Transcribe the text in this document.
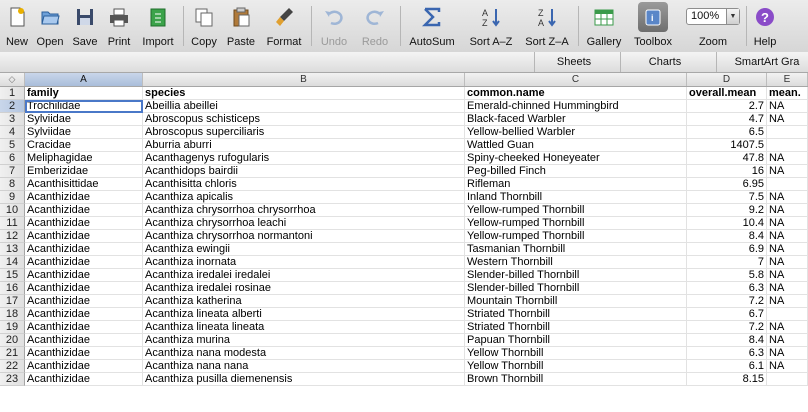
New Open Save Print	Import	Copy Paste	Format	Undo	Redo	AutoSum
A
Z
Sort A–Z
Z
A
Sort Z–A	Gallery
i
Toolbox
100%	▼
Zoom
?
Help
Sheets	Charts	SmartArt Gra
◇	A	B	C	D	E
1	family	species	common.name	overall.mean	mean.
2	Trochilidae	Abeillia abeillei	Emerald-chinned Hummingbird	2.7 NA
3	Sylviidae	Abroscopus schisticeps	Black-faced Warbler	4.7 NA
4	Sylviidae	Abroscopus superciliaris	Yellow-bellied Warbler	6.5
5	Cracidae	Aburria aburri	Wattled Guan	1407.5
6	Meliphagidae	Acanthagenys rufogularis	Spiny-cheeked Honeyeater	47.8 NA
7	Emberizidae	Acanthidops bairdii	Peg-billed Finch	16 NA
8	Acanthisittidae	Acanthisitta chloris	Rifleman	6.95
9	Acanthizidae	Acanthiza apicalis	Inland Thornbill	7.5 NA
10 Acanthizidae	Acanthiza chrysorrhoa chrysorrhoa	Yellow-rumped Thornbill	9.2 NA
11 Acanthizidae	Acanthiza chrysorrhoa leachi	Yellow-rumped Thornbill	10.4 NA
12 Acanthizidae	Acanthiza chrysorrhoa normantoni	Yellow-rumped Thornbill	8.4 NA
13 Acanthizidae	Acanthiza ewingii	Tasmanian Thornbill	6.9 NA
14 Acanthizidae	Acanthiza inornata	Western Thornbill	7 NA
15 Acanthizidae	Acanthiza iredalei iredalei	Slender-billed Thornbill	5.8 NA
16 Acanthizidae	Acanthiza iredalei rosinae	Slender-billed Thornbill	6.3 NA
17 Acanthizidae	Acanthiza katherina	Mountain Thornbill	7.2 NA
18 Acanthizidae	Acanthiza lineata alberti	Striated Thornbill	6.7
19 Acanthizidae	Acanthiza lineata lineata	Striated Thornbill	7.2 NA
20 Acanthizidae	Acanthiza murina	Papuan Thornbill	8.4 NA
21 Acanthizidae	Acanthiza nana modesta	Yellow Thornbill	6.3 NA
22 Acanthizidae	Acanthiza nana nana	Yellow Thornbill	6.1 NA
23 Acanthizidae	Acanthiza pusilla diemenensis	Brown Thornbill	8.15
